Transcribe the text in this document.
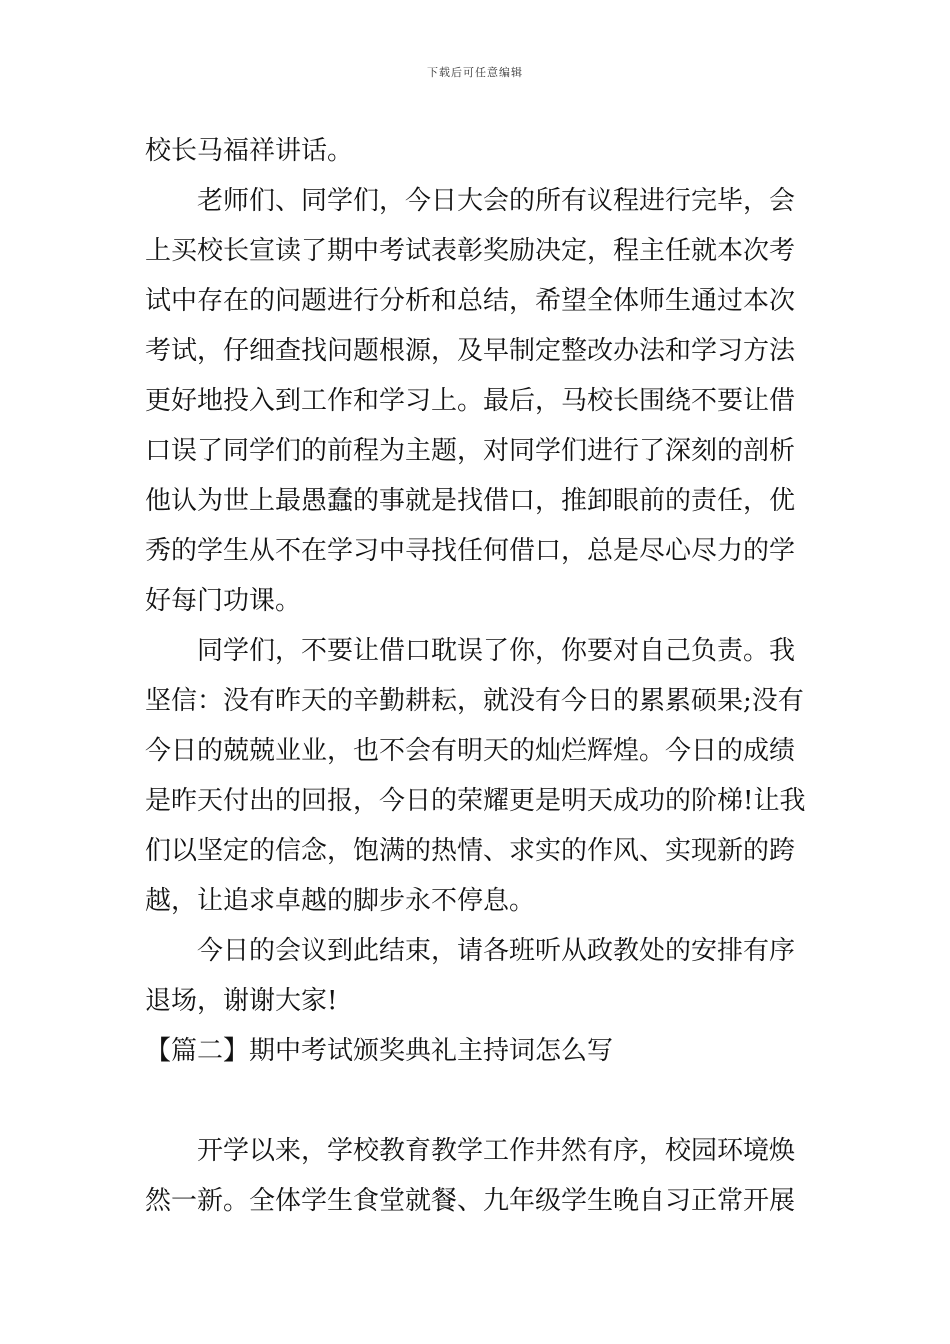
下载后可任意编辑
校长马福祥讲话。
老师们、同学们，今日大会的所有议程进行完毕，会
上买校长宣读了期中考试表彰奖励决定，程主任就本次考
试中存在的问题进行分析和总结，希望全体师生通过本次
考试，仔细查找问题根源，及早制定整改办法和学习方法
更好地投入到工作和学习上。最后，马校长围绕不要让借
口误了同学们的前程为主题，对同学们进行了深刻的剖析
他认为世上最愚蠢的事就是找借口，推卸眼前的责任，优
秀的学生从不在学习中寻找任何借口，总是尽心尽力的学
好每门功课。
同学们，不要让借口耽误了你，你要对自己负责。我
坚信：没有昨天的辛勤耕耘，就没有今日的累累硕果;没有
今日的兢兢业业，也不会有明天的灿烂辉煌。今日的成绩
是昨天付出的回报，今日的荣耀更是明天成功的阶梯!让我
们以坚定的信念，饱满的热情、求实的作风、实现新的跨
越，让追求卓越的脚步永不停息。
今日的会议到此结束，请各班听从政教处的安排有序
退场，谢谢大家!
【篇二】期中考试颁奖典礼主持词怎么写
开学以来，学校教育教学工作井然有序，校园环境焕
然一新。全体学生食堂就餐、九年级学生晚自习正常开展
